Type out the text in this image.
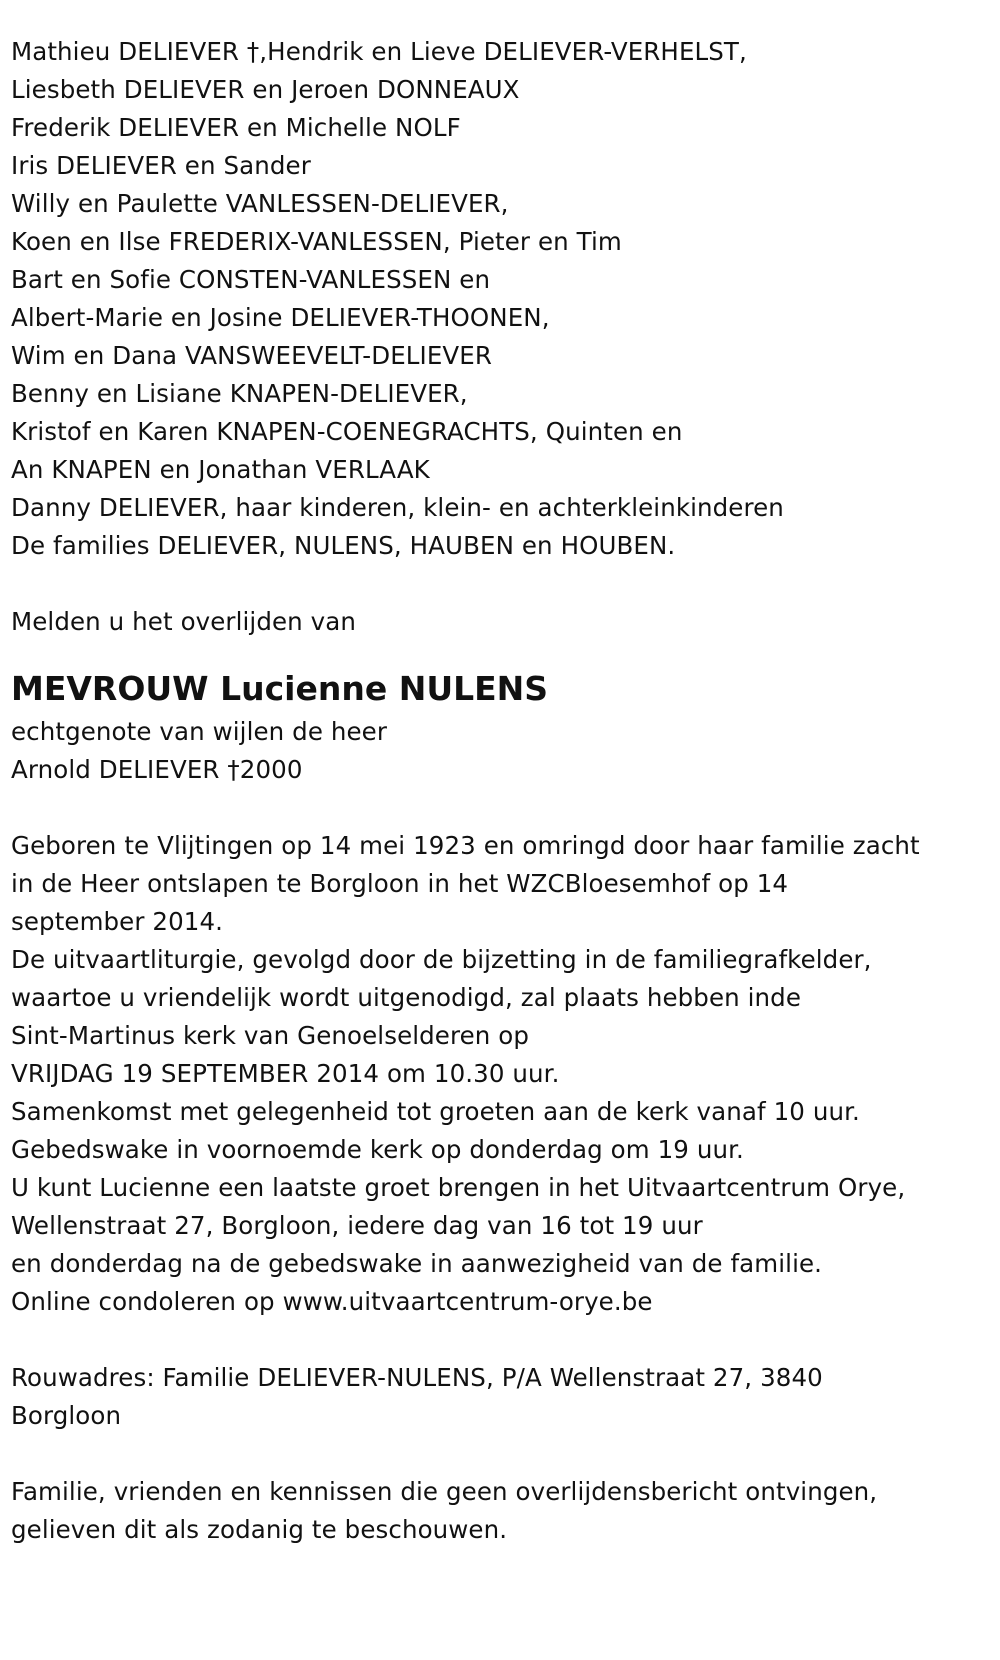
Mathieu DELIEVER †,Hendrik en Lieve DELIEVER-VERHELST,
Liesbeth DELIEVER en Jeroen DONNEAUX
Frederik DELIEVER en Michelle NOLF
Iris DELIEVER en Sander
Willy en Paulette VANLESSEN-DELIEVER,
Koen en Ilse FREDERIX-VANLESSEN, Pieter en Tim
Bart en Sofie CONSTEN-VANLESSEN en
Albert-Marie en Josine DELIEVER-THOONEN,
Wim en Dana VANSWEEVELT-DELIEVER
Benny en Lisiane KNAPEN-DELIEVER,
Kristof en Karen KNAPEN-COENEGRACHTS, Quinten en
An KNAPEN en Jonathan VERLAAK
Danny DELIEVER, haar kinderen, klein- en achterkleinkinderen
De families DELIEVER, NULENS, HAUBEN en HOUBEN.
Melden u het overlijden van
MEVROUW Lucienne NULENS
echtgenote van wijlen de heer
Arnold DELIEVER †2000
Geboren te Vlijtingen op 14 mei 1923 en omringd door haar familie zacht
in de Heer ontslapen te Borgloon in het WZCBloesemhof op 14
september 2014.
De uitvaartliturgie, gevolgd door de bijzetting in de familiegrafkelder,
waartoe u vriendelijk wordt uitgenodigd, zal plaats hebben inde
Sint-Martinus kerk van Genoelselderen op
VRIJDAG 19 SEPTEMBER 2014 om 10.30 uur.
Samenkomst met gelegenheid tot groeten aan de kerk vanaf 10 uur.
Gebedswake in voornoemde kerk op donderdag om 19 uur.
U kunt Lucienne een laatste groet brengen in het Uitvaartcentrum Orye,
Wellenstraat 27, Borgloon, iedere dag van 16 tot 19 uur
en donderdag na de gebedswake in aanwezigheid van de familie.
Online condoleren op www.uitvaartcentrum-orye.be
Rouwadres: Familie DELIEVER-NULENS, P/A Wellenstraat 27, 3840
Borgloon
Familie, vrienden en kennissen die geen overlijdensbericht ontvingen,
gelieven dit als zodanig te beschouwen.
